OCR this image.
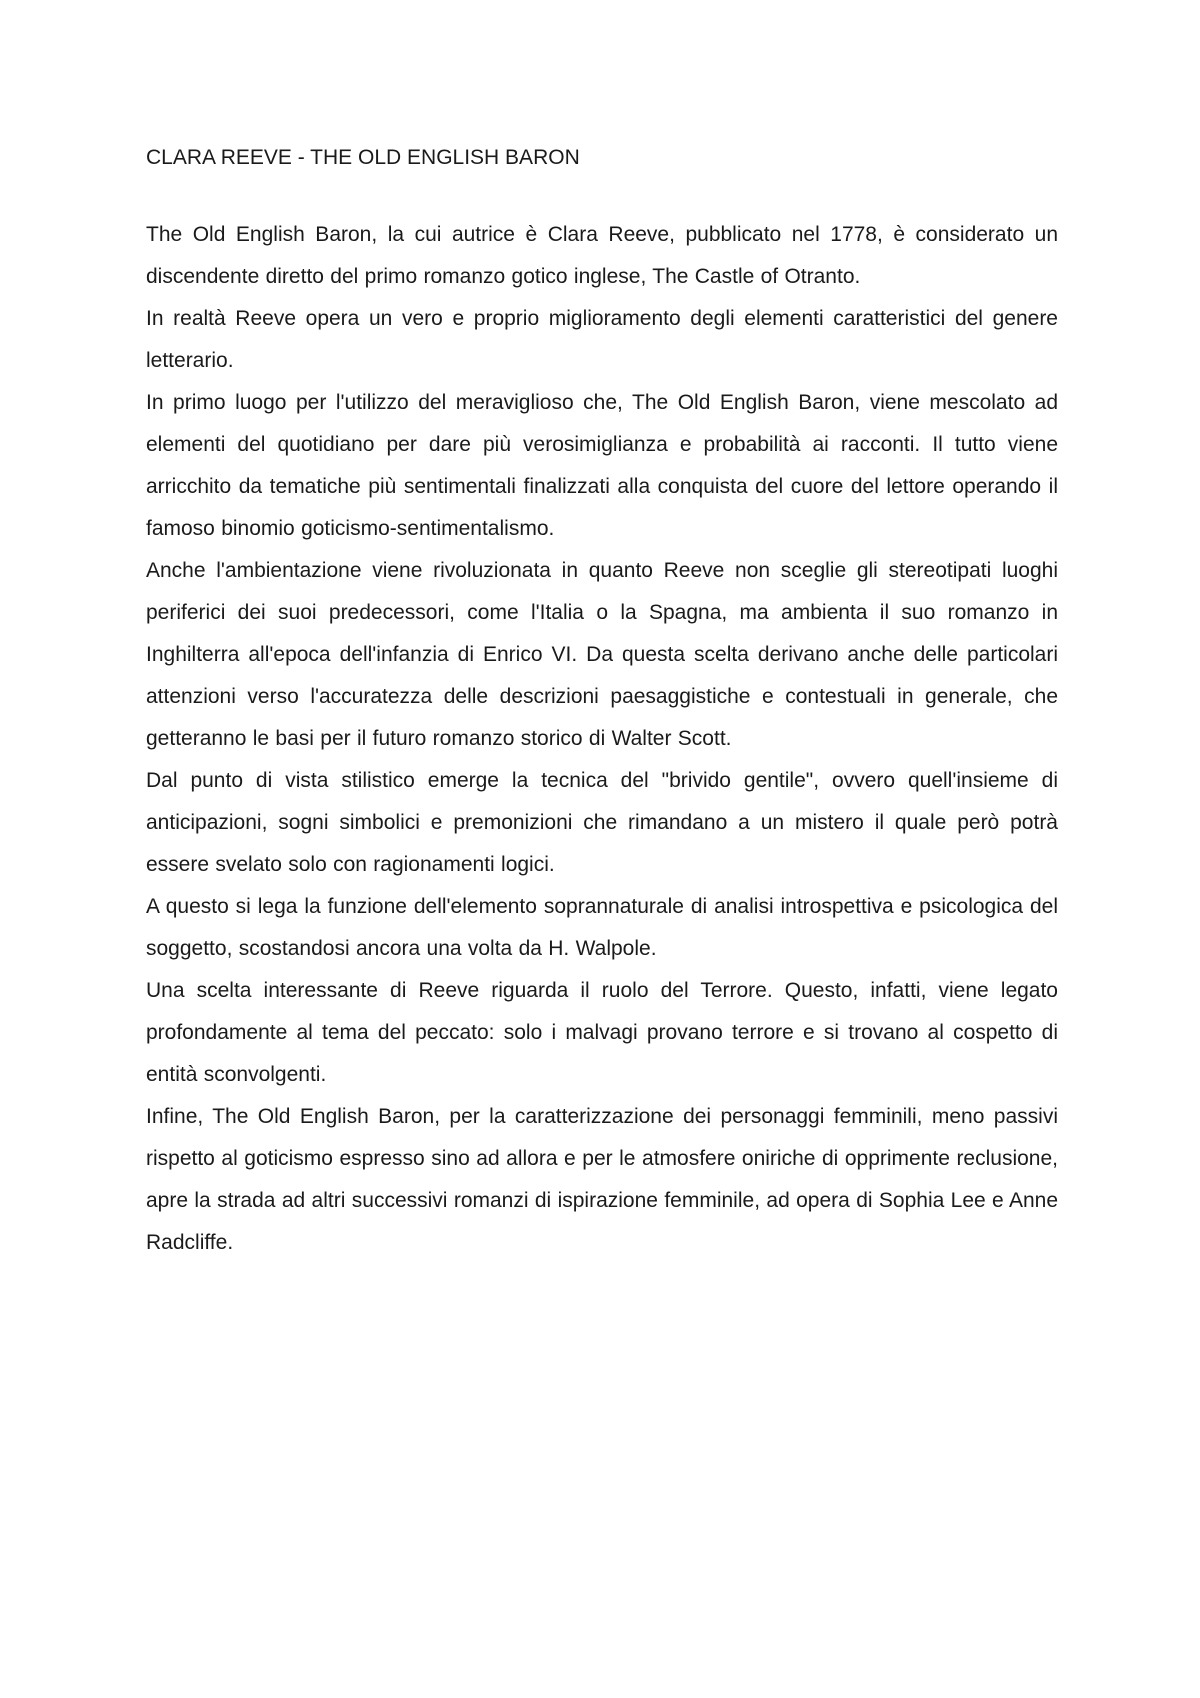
CLARA REEVE - THE OLD ENGLISH BARON

The Old English Baron, la cui autrice è Clara Reeve, pubblicato nel 1778, è considerato un discendente diretto del primo romanzo gotico inglese, The Castle of Otranto.

In realtà Reeve opera un vero e proprio miglioramento degli elementi caratteristici del genere letterario.

In primo luogo per l'utilizzo del meraviglioso che, The Old English Baron, viene mescolato ad elementi del quotidiano per dare più verosimiglianza e probabilità ai racconti. Il tutto viene arricchito da tematiche più sentimentali finalizzati alla conquista del cuore del lettore operando il famoso binomio goticismo-sentimentalismo.

Anche l'ambientazione viene rivoluzionata in quanto Reeve non sceglie gli stereotipati luoghi periferici dei suoi predecessori, come l'Italia o la Spagna, ma ambienta il suo romanzo in Inghilterra all'epoca dell'infanzia di Enrico VI. Da questa scelta derivano anche delle particolari attenzioni verso l'accuratezza delle descrizioni paesaggistiche e contestuali in generale, che getteranno le basi per il futuro romanzo storico di Walter Scott.

Dal punto di vista stilistico emerge la tecnica del "brivido gentile", ovvero quell'insieme di anticipazioni, sogni simbolici e premonizioni che rimandano a un mistero il quale però potrà essere svelato solo con ragionamenti logici.

A questo si lega la funzione dell'elemento soprannaturale di analisi introspettiva e psicologica del soggetto, scostandosi ancora una volta da H. Walpole.

Una scelta interessante di Reeve riguarda il ruolo del Terrore. Questo, infatti, viene legato profondamente al tema del peccato: solo i malvagi provano terrore e si trovano al cospetto di entità sconvolgenti.

Infine, The Old English Baron, per la caratterizzazione dei personaggi femminili, meno passivi rispetto al goticismo espresso sino ad allora e per le atmosfere oniriche di opprimente reclusione, apre la strada ad altri successivi romanzi di ispirazione femminile, ad opera di Sophia Lee e Anne Radcliffe.
